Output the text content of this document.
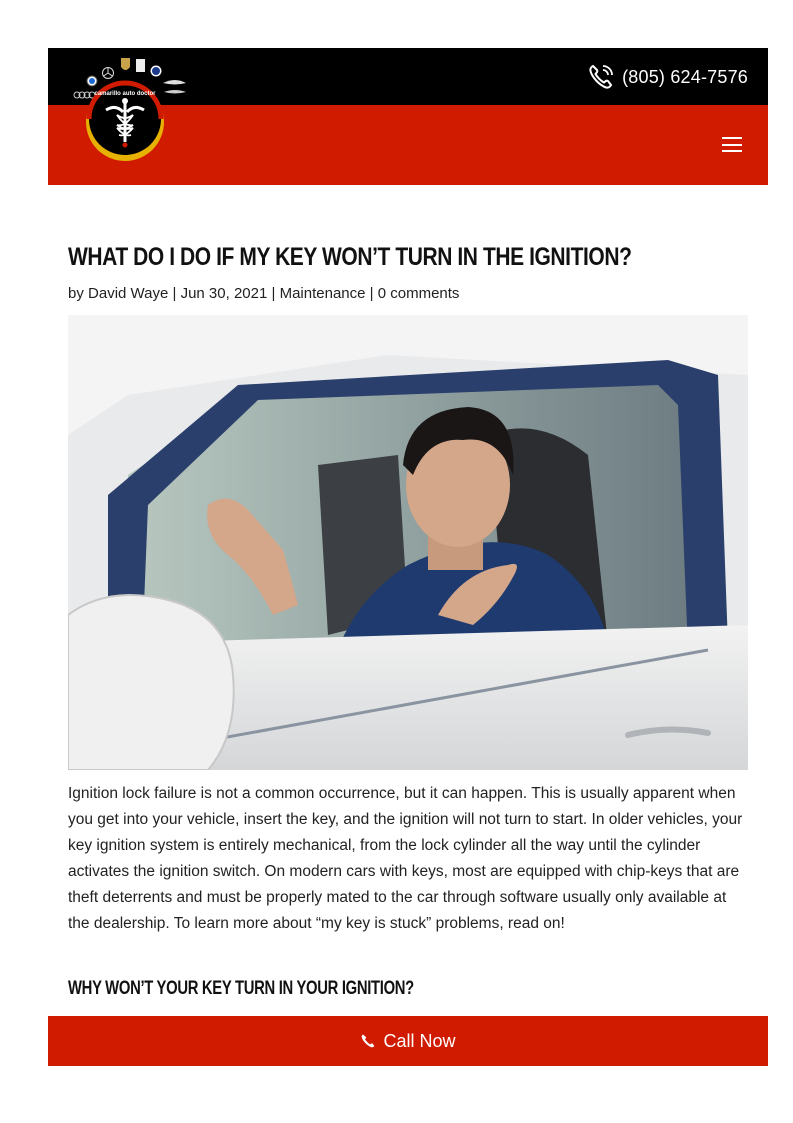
(805) 624-7576
camarillo auto doctor
WHAT DO I DO IF MY KEY WON’T TURN IN THE IGNITION?
by David Waye | Jun 30, 2021 | Maintenance | 0 comments

Ignition lock failure is not a common occurrence, but it can happen. This is usually apparent when you get into your vehicle, insert the key, and the ignition will not turn to start. In older vehicles, your key ignition system is entirely mechanical, from the lock cylinder all the way until the cylinder activates the ignition switch. On modern cars with keys, most are equipped with chip-keys that are theft deterrents and must be properly mated to the car through software usually only available at the dealership. To learn more about “my key is stuck” problems, read on!

WHY WON’T YOUR KEY TURN IN YOUR IGNITION?
Call Now
